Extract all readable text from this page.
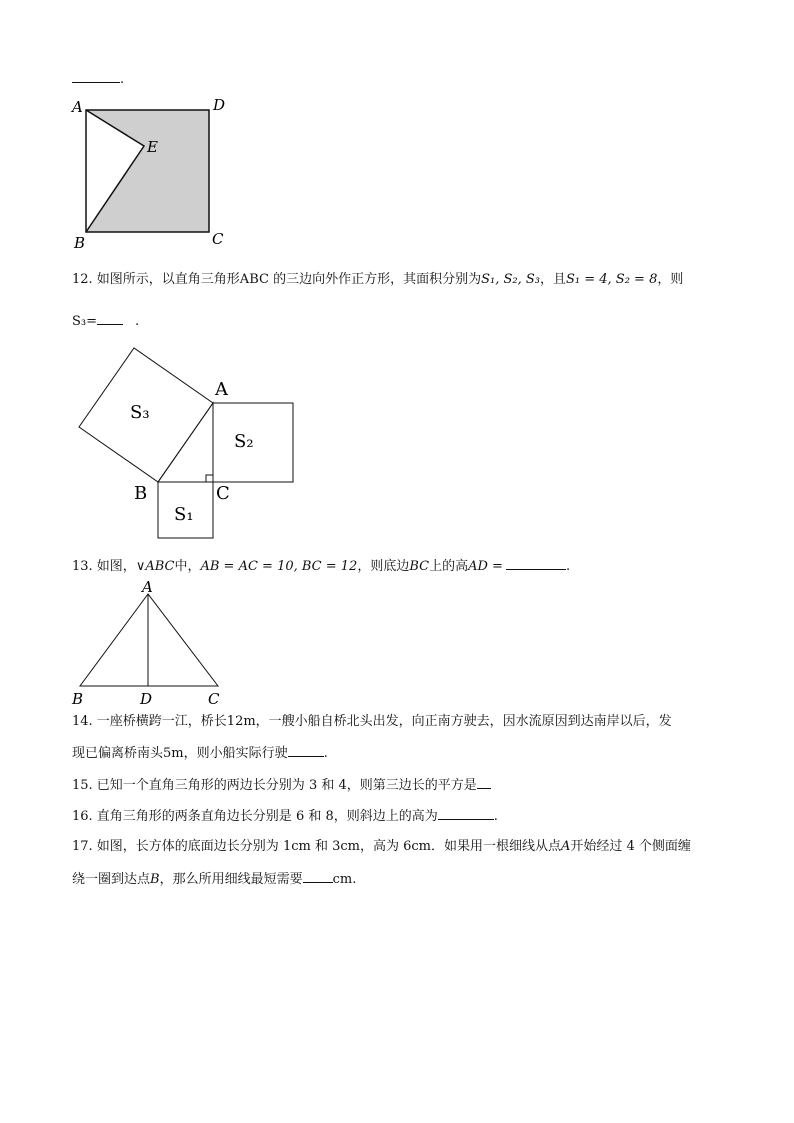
.
A	D
E
B	C
12. 如图所示，以直角三角形ABC 的三边向外作正方形，其面积分别为S₁, S₂, S₃，且S₁ = 4, S₂ = 8，则
S₃=	.
A
B	C
S₃
S₂
S₁
13. 如图，∨ABC中，AB = AC = 10, BC = 12，则底边BC上的高AD =	.
A
B	D	C
14. 一座桥横跨一江，桥长12m，一艘小船自桥北头出发，向正南方驶去，因水流原因到达南岸以后，发
现已偏离桥南头5m，则小船实际行驶	.
15. 已知一个直角三角形的两边长分别为 3 和 4，则第三边长的平方是
16. 直角三角形的两条直角边长分别是 6 和 8，则斜边上的高为	.
17. 如图，长方体的底面边长分别为 1cm 和 3cm，高为 6cm．如果用一根细线从点A开始经过 4 个侧面缠
绕一圈到达点B，那么所用细线最短需要 cm.
